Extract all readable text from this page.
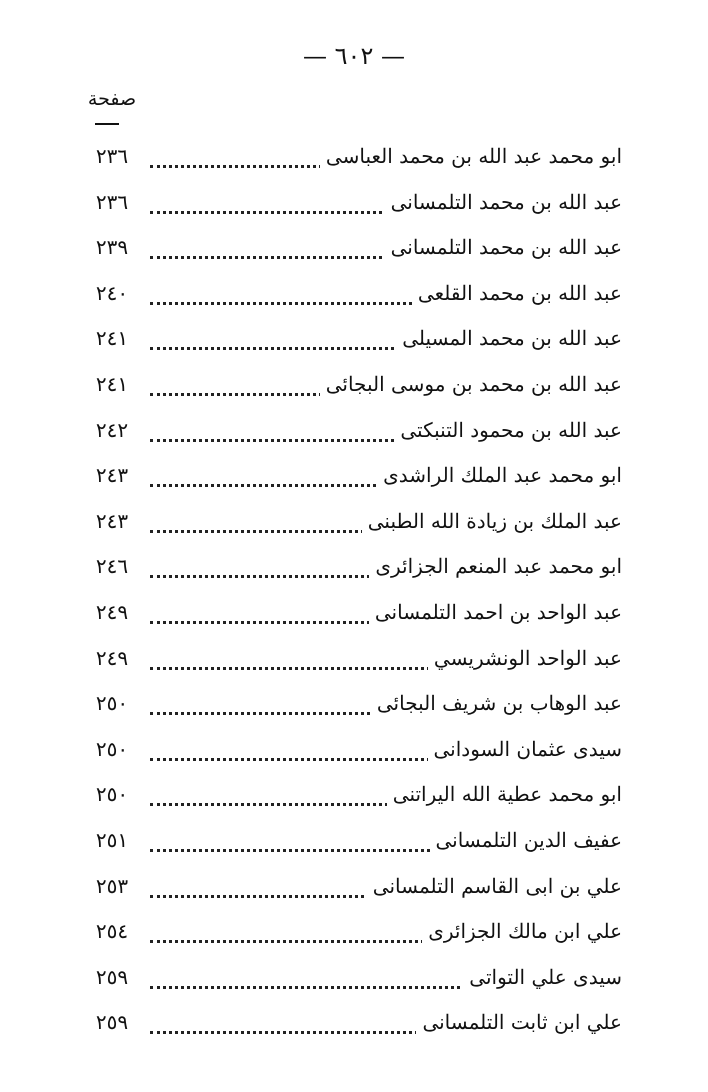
— ٦٠٢ —
صفحة
ابو محمد عبد الله بن محمد العباسى
٢٣٦
عبد الله بن محمد التلمسانى
٢٣٦
عبد الله بن محمد التلمسانى
٢٣٩
عبد الله بن محمد القلعى
٢٤٠
عبد الله بن محمد المسيلى
٢٤١
عبد الله بن محمد بن موسى البجائى
٢٤١
عبد الله بن محمود التنبكتى
٢٤٢
ابو محمد عبد الملك الراشدى
٢٤٣
عبد الملك بن زيادة الله الطبنى
٢٤٣
ابو محمد عبد المنعم الجزائرى
٢٤٦
عبد الواحد بن احمد التلمسانى
٢٤٩
عبد الواحد الونشريسي
٢٤٩
عبد الوهاب بن شريف البجائى
٢٥٠
سيدى عثمان السودانى
٢٥٠
ابو محمد عطية الله اليراتنى
٢٥٠
عفيف الدين التلمسانى
٢٥١
علي بن ابى القاسم التلمسانى
٢٥٣
علي ابن مالك الجزائرى
٢٥٤
سيدى علي التواتى
٢٥٩
علي ابن ثابت التلمسانى
٢٥٩
